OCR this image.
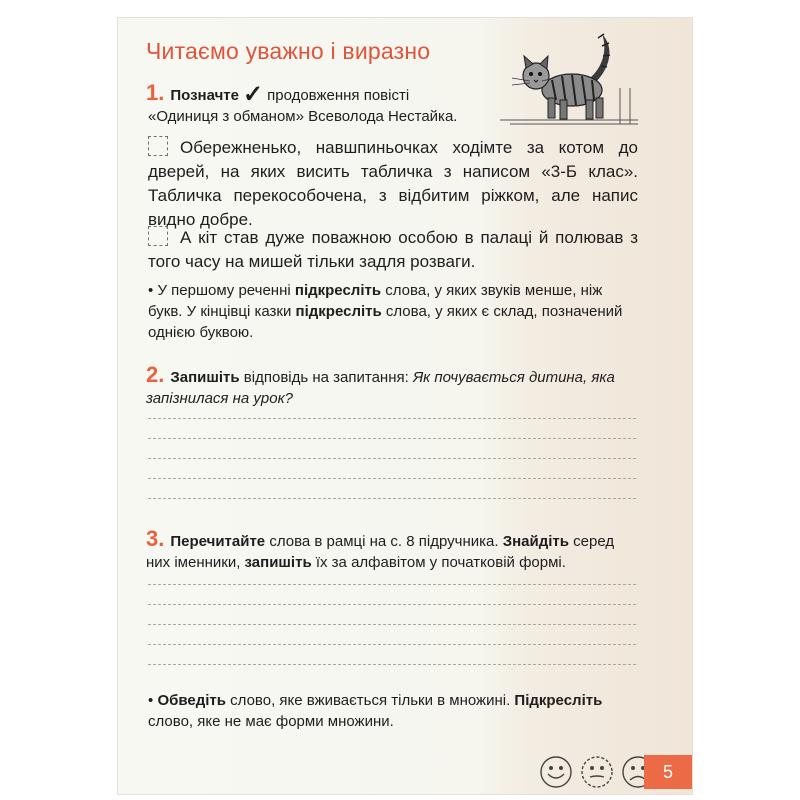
Читаємо уважно і виразно
1. Позначте ✓ продовження повісті
«Одиниця з обманом» Всеволода Нестайка.
Обережненько, навшпиньочках ходімте за котом до дверей, на яких висить табличка з написом «3-Б клас». Табличка перекособочена, з відбитим ріжком, але напис видно добре.
А кіт став дуже поважною особою в палаці й полював з того часу на мишей тільки задля розваги.
• У першому реченні підкресліть слова, у яких звуків менше, ніж букв. У кінцівці казки підкресліть слова, у яких є склад, позначений однією буквою.
2. Запишіть відповідь на запитання: Як почувається дитина, яка запізнилася на урок?
3. Перечитайте слова в рамці на с. 8 підручника. Знайдіть серед них іменники, запишіть їх за алфавітом у початковій формі.
• Обведіть слово, яке вживається тільки в множині. Підкресліть слово, яке не має форми множини.
5
